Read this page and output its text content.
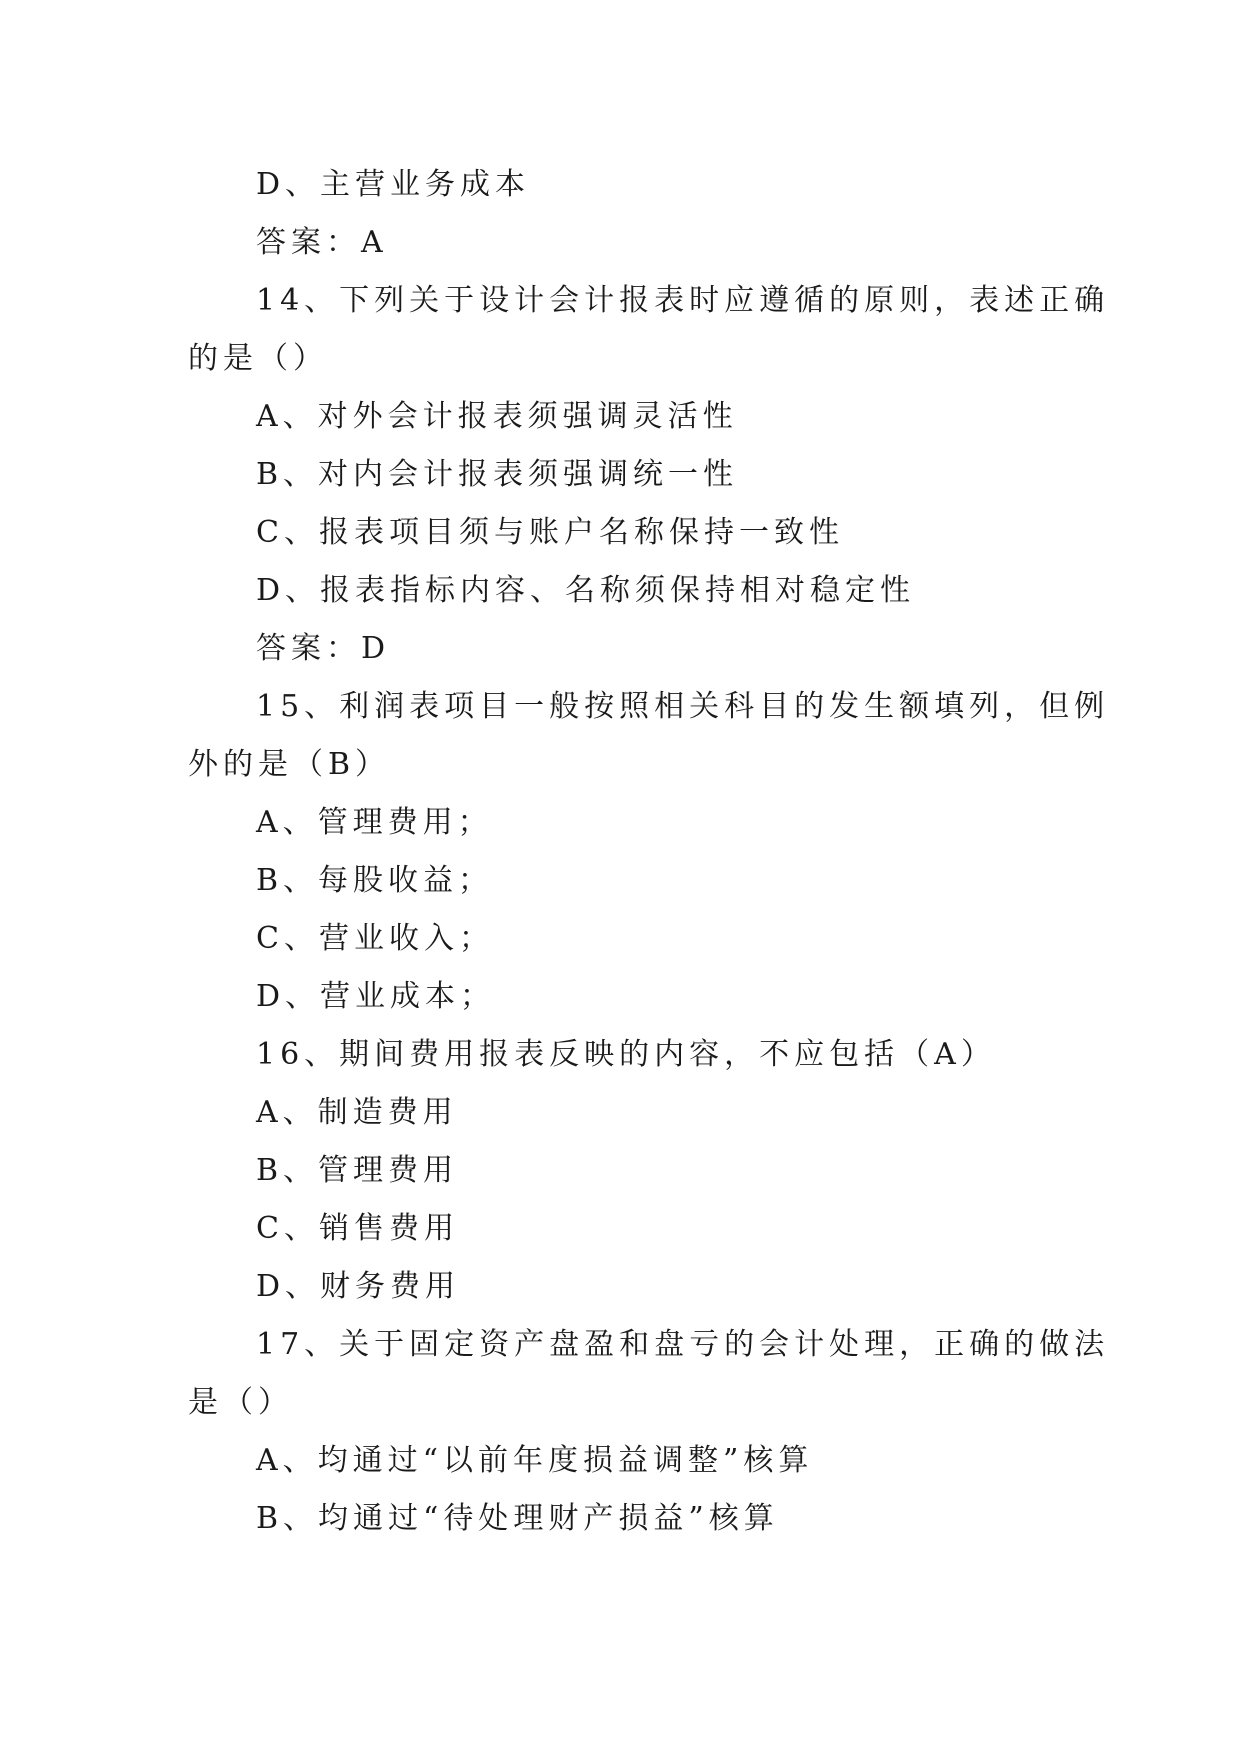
D、主营业务成本
答案：A
14、下列关于设计会计报表时应遵循的原则，表述正确
的是（）
A、对外会计报表须强调灵活性
B、对内会计报表须强调统一性
C、报表项目须与账户名称保持一致性
D、报表指标内容、名称须保持相对稳定性
答案：D
15、利润表项目一般按照相关科目的发生额填列，但例
外的是（B）
A、管理费用；
B、每股收益；
C、营业收入；
D、营业成本；
16、期间费用报表反映的内容，不应包括（A）
A、制造费用
B、管理费用
C、销售费用
D、财务费用
17、关于固定资产盘盈和盘亏的会计处理，正确的做法
是（）
A、均通过“以前年度损益调整”核算
B、均通过“待处理财产损益”核算
